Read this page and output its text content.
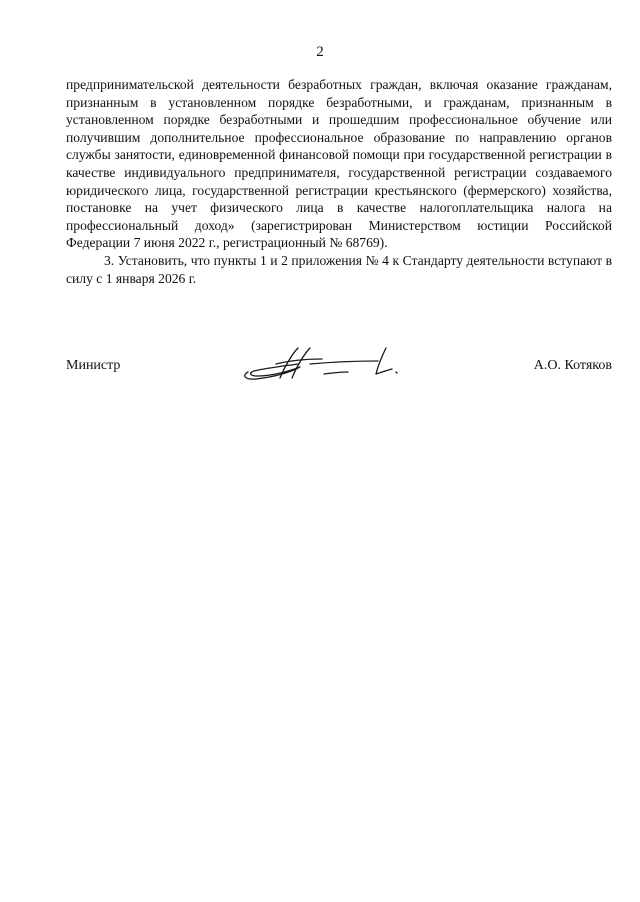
2

предпринимательской деятельности безработных граждан, включая оказание гражданам, признанным в установленном порядке безработными, и гражданам, признанным в установленном порядке безработными и прошедшим профессиональное обучение или получившим дополнительное профессиональное образование по направлению органов службы занятости, единовременной финансовой помощи при государственной регистрации в качестве индивидуального предпринимателя, государственной регистрации создаваемого юридического лица, государственной регистрации крестьянского (фермерского) хозяйства, постановке на учет физического лица в качестве налогоплательщика налога на профессиональный доход» (зарегистрирован Министерством юстиции Российской Федерации 7 июня 2022 г., регистрационный № 68769).

3. Установить, что пункты 1 и 2 приложения № 4 к Стандарту деятельности вступают в силу с 1 января 2026 г.

Министр	А.О. Котяков
